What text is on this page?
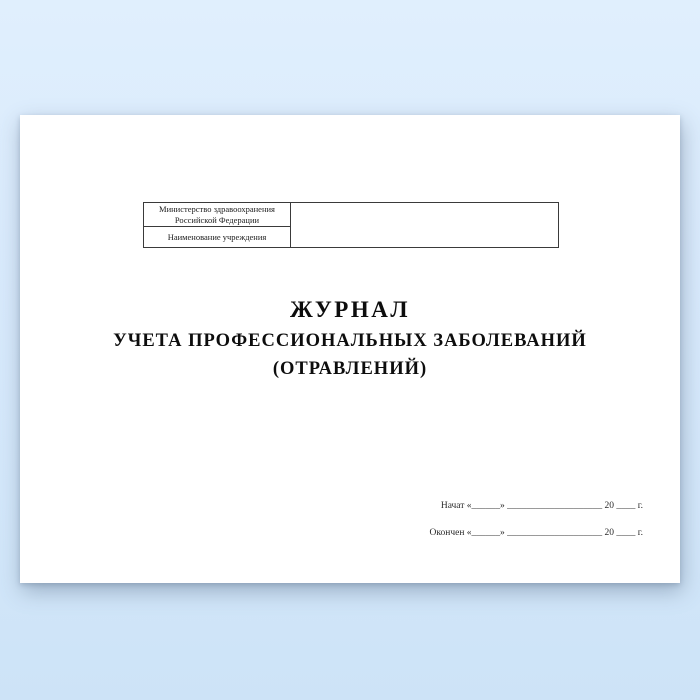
Министерство здравоохранения
Российской Федерации
Наименование учреждения
ЖУРНАЛ
УЧЕТА ПРОФЕССИОНАЛЬНЫХ ЗАБОЛЕВАНИЙ
(ОТРАВЛЕНИЙ)
Начат «______» ____________________ 20 ____ г.
Окончен «______» ____________________ 20 ____ г.
